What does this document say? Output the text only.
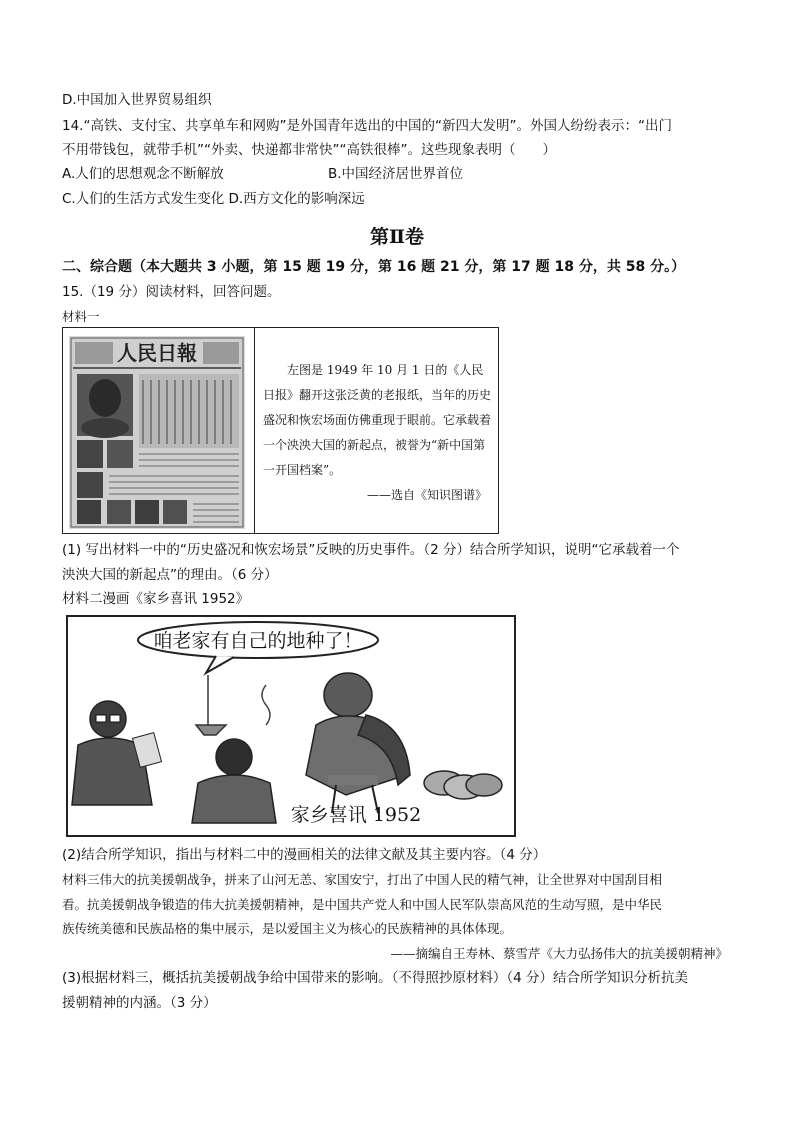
D.中国加入世界贸易组织
14.“高铁、支付宝、共享单车和网购”是外国青年选出的中国的“新四大发明”。外国人纷纷表示：“出门
不用带钱包，就带手机”“外卖、快递都非常快”“高铁很棒”。这些现象表明（　　）
A.人们的思想观念不断解放	B.中国经济居世界首位
C.人们的生活方式发生变化 D.西方文化的影响深远
第Ⅱ卷
二、综合题（本大题共 3 小题，第 15 题 19 分，第 16 题 21 分，第 17 题 18 分，共 58 分。）
15.（19 分）阅读材料，回答问题。
材料一
人民日報
左图是 1949 年 10 月 1 日的《人民日报》翻开这张泛黄的老报纸，当年的历史盛况和恢宏场面仿佛重现于眼前。它承载着一个泱泱大国的新起点，被誉为“新中国第一开国档案”。
——选自《知识图谱》
(1) 写出材料一中的“历史盛况和恢宏场景”反映的历史事件。（2 分）结合所学知识，说明“它承载着一个
泱泱大国的新起点”的理由。（6 分）
材料二漫画《家乡喜讯 1952》
咱老家有自己的地种了！
家乡喜讯 1952
(2)结合所学知识，指出与材料二中的漫画相关的法律文献及其主要内容。（4 分）
材料三伟大的抗美援朝战争，拼来了山河无恙、家国安宁，打出了中国人民的精气神，让全世界对中国刮目相
看。抗美援朝战争锻造的伟大抗美援朝精神，是中国共产党人和中国人民军队崇高风范的生动写照，是中华民
族传统美德和民族品格的集中展示，是以爱国主义为核心的民族精神的具体体现。
——摘编自王寿林、蔡雪芹《大力弘扬伟大的抗美援朝精神》
(3)根据材料三，概括抗美援朝战争给中国带来的影响。（不得照抄原材料）（4 分）结合所学知识分析抗美
援朝精神的内涵。（3 分）
